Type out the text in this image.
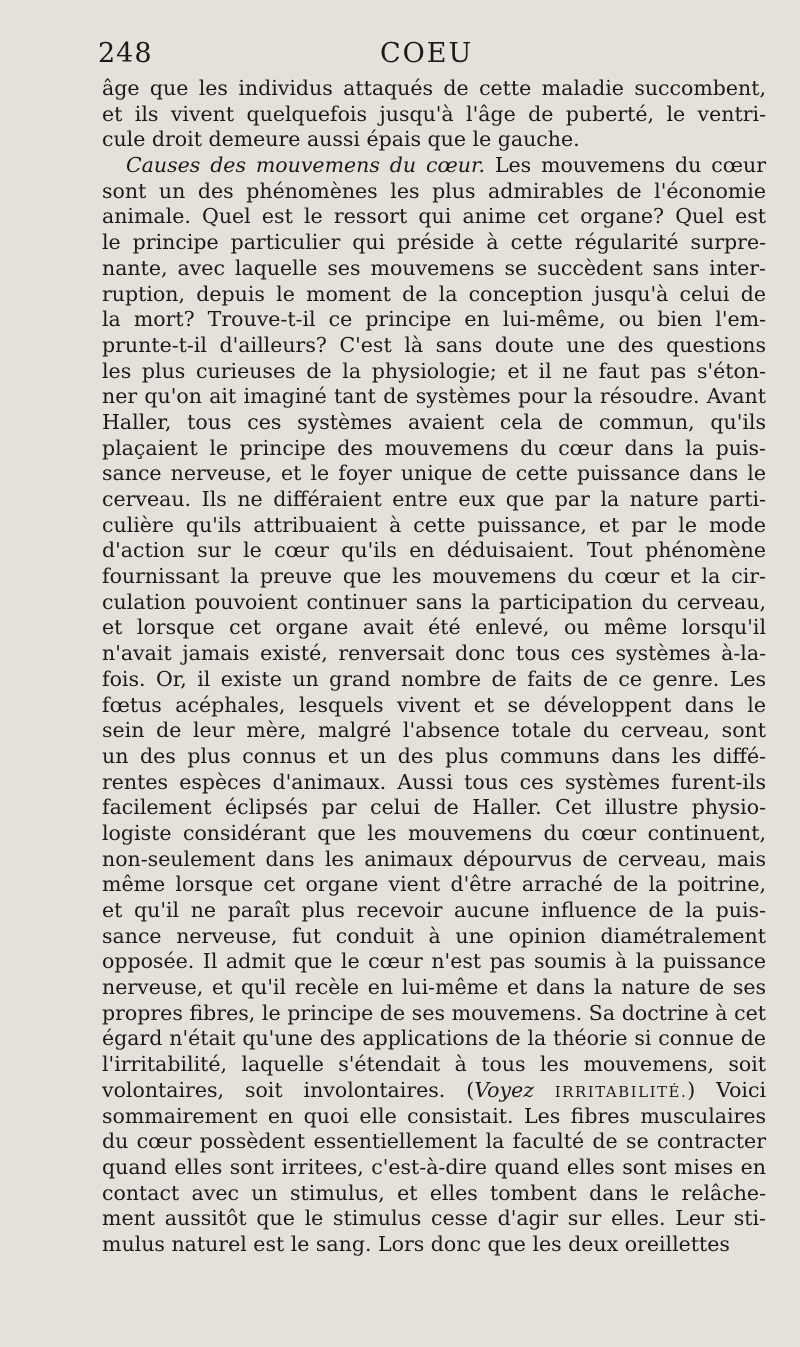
248	COEU
âge que les individus attaqués de cette maladie succombent,
et ils vivent quelquefois jusqu'à l'âge de puberté, le ventri-
cule droit demeure aussi épais que le gauche.
Causes des mouvemens du cœur. Les mouvemens du cœur
sont un des phénomènes les plus admirables de l'économie
animale. Quel est le ressort qui anime cet organe? Quel est
le principe particulier qui préside à cette régularité surpre-
nante, avec laquelle ses mouvemens se succèdent sans inter-
ruption, depuis le moment de la conception jusqu'à celui de
la mort? Trouve-t-il ce principe en lui-même, ou bien l'em-
prunte-t-il d'ailleurs? C'est là sans doute une des questions
les plus curieuses de la physiologie; et il ne faut pas s'éton-
ner qu'on ait imaginé tant de systèmes pour la résoudre. Avant
Haller, tous ces systèmes avaient cela de commun, qu'ils
plaçaient le principe des mouvemens du cœur dans la puis-
sance nerveuse, et le foyer unique de cette puissance dans le
cerveau. Ils ne différaient entre eux que par la nature parti-
culière qu'ils attribuaient à cette puissance, et par le mode
d'action sur le cœur qu'ils en déduisaient. Tout phénomène
fournissant la preuve que les mouvemens du cœur et la cir-
culation pouvoient continuer sans la participation du cerveau,
et lorsque cet organe avait été enlevé, ou même lorsqu'il
n'avait jamais existé, renversait donc tous ces systèmes à-la-
fois. Or, il existe un grand nombre de faits de ce genre. Les
fœtus acéphales, lesquels vivent et se développent dans le
sein de leur mère, malgré l'absence totale du cerveau, sont
un des plus connus et un des plus communs dans les diffé-
rentes espèces d'animaux. Aussi tous ces systèmes furent-ils
facilement éclipsés par celui de Haller. Cet illustre physio-
logiste considérant que les mouvemens du cœur continuent,
non-seulement dans les animaux dépourvus de cerveau, mais
même lorsque cet organe vient d'être arraché de la poitrine,
et qu'il ne paraît plus recevoir aucune influence de la puis-
sance nerveuse, fut conduit à une opinion diamétralement
opposée. Il admit que le cœur n'est pas soumis à la puissance
nerveuse, et qu'il recèle en lui-même et dans la nature de ses
propres fibres, le principe de ses mouvemens. Sa doctrine à cet
égard n'était qu'une des applications de la théorie si connue de
l'irritabilité, laquelle s'étendait à tous les mouvemens, soit
volontaires, soit involontaires. (Voyez IRRITABILITÉ.) Voici
sommairement en quoi elle consistait. Les fibres musculaires
du cœur possèdent essentiellement la faculté de se contracter
quand elles sont irritees, c'est-à-dire quand elles sont mises en
contact avec un stimulus, et elles tombent dans le relâche-
ment aussitôt que le stimulus cesse d'agir sur elles. Leur sti-
mulus naturel est le sang. Lors donc que les deux oreillettes
